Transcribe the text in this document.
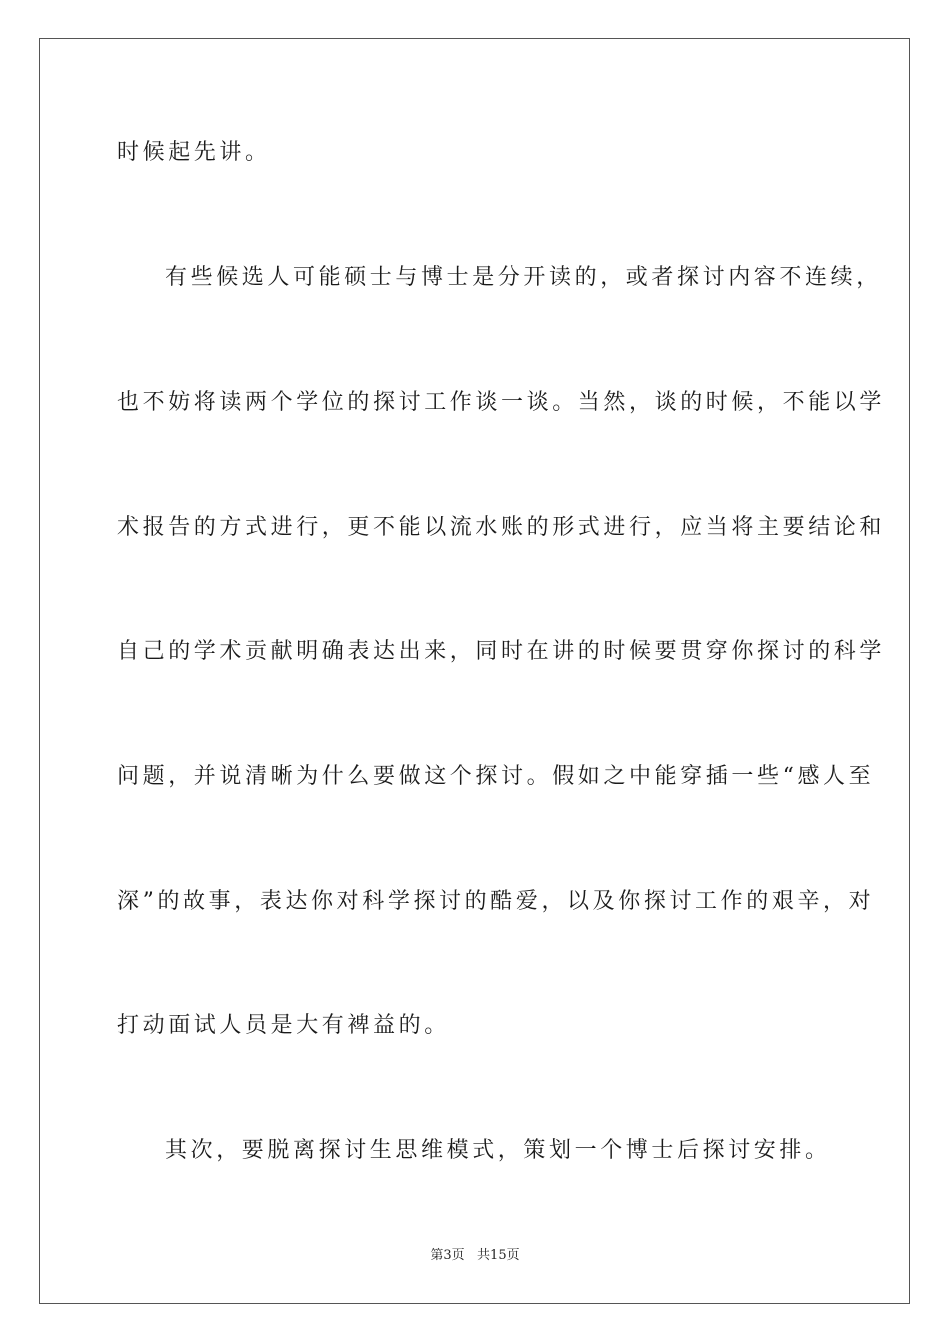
时候起先讲。
有些候选人可能硕士与博士是分开读的，或者探讨内容不连续，
也不妨将读两个学位的探讨工作谈一谈。当然，谈的时候，不能以学
术报告的方式进行，更不能以流水账的形式进行，应当将主要结论和
自己的学术贡献明确表达出来，同时在讲的时候要贯穿你探讨的科学
问题，并说清晰为什么要做这个探讨。假如之中能穿插一些“感人至
深”的故事，表达你对科学探讨的酷爱，以及你探讨工作的艰辛，对
打动面试人员是大有裨益的。
其次，要脱离探讨生思维模式，策划一个博士后探讨安排。
第3页   共15页
